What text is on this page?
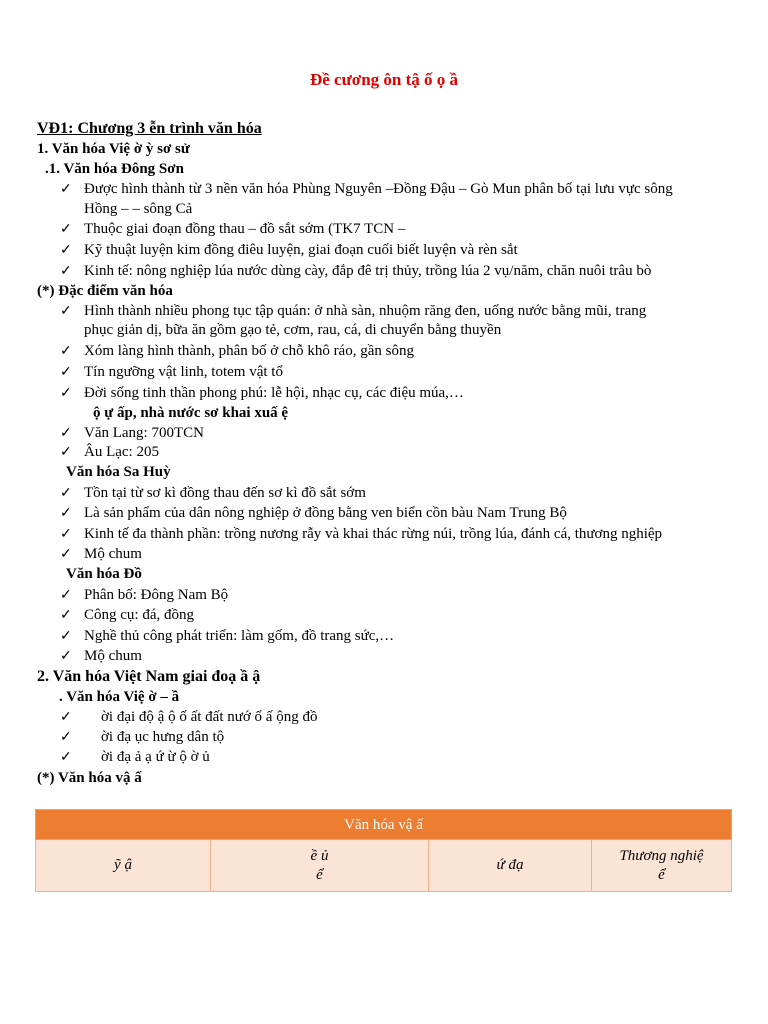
Đề cương ôn tậ ố ọ ầ
VĐ1: Chương 3 ễn trình văn hóa
1. Văn hóa Việ ờ ỳ sơ sử
.1. Văn hóa Đông Sơn
✓ Được hình thành từ 3 nền văn hóa Phùng Nguyên –Đồng Đậu – Gò Mun phân bố tại lưu vực sông
Hồng – – sông Cả
✓ Thuộc giai đoạn đồng thau – đồ sắt sớm (TK7 TCN –
✓ Kỹ thuật luyện kim đồng điêu luyện, giai đoạn cuối biết luyện và rèn sắt
✓ Kinh tế: nông nghiệp lúa nước dùng cày, đắp đê trị thủy, trồng lúa 2 vụ/năm, chăn nuôi trâu bò
(*) Đặc điểm văn hóa
✓ Hình thành nhiều phong tục tập quán: ở nhà sàn, nhuộm răng đen, uống nước bằng mũi, trang
phục giản dị, bữa ăn gồm gạo tẻ, cơm, rau, cá, di chuyển bằng thuyền
✓ Xóm làng hình thành, phân bố ở chỗ khô ráo, gần sông
✓ Tín ngưỡng vật linh, totem vật tổ
✓ Đời sống tinh thần phong phú: lễ hội, nhạc cụ, các điệu múa,…
ộ ự ấp, nhà nước sơ khai xuấ ệ
✓ Văn Lang: 700TCN
✓ Âu Lạc: 205
Văn hóa Sa Huỳ
✓ Tồn tại từ sơ kì đồng thau đến sơ kì đồ sắt sớm
✓ Là sản phẩm của dân nông nghiệp ở đồng bằng ven biển cồn bàu Nam Trung Bộ
✓ Kinh tế đa thành phần: trồng nương rẫy và khai thác rừng núi, trồng lúa, đánh cá, thương nghiệp
✓ Mộ chum
Văn hóa Đồ
✓ Phân bố: Đông Nam Bộ
✓ Công cụ: đá, đồng
✓ Nghề thủ công phát triển: làm gốm, đồ trang sức,…
✓ Mộ chum
2. Văn hóa Việt Nam giai đoạ ầ ậ
. Văn hóa Việ ờ – ầ
✓ ời đại độ ậ ộ ố ất đất nướ ố ấ ộng đồ
✓ ời đạ ục hưng dân tộ
✓ ời đạ ả ạ ứ ừ ộ ờ ủ
(*) Văn hóa vậ ấ
Văn hóa vậ ấ
ỹ ậ
ề ủ
ể
ứ đạ
Thương nghiệ
ể
